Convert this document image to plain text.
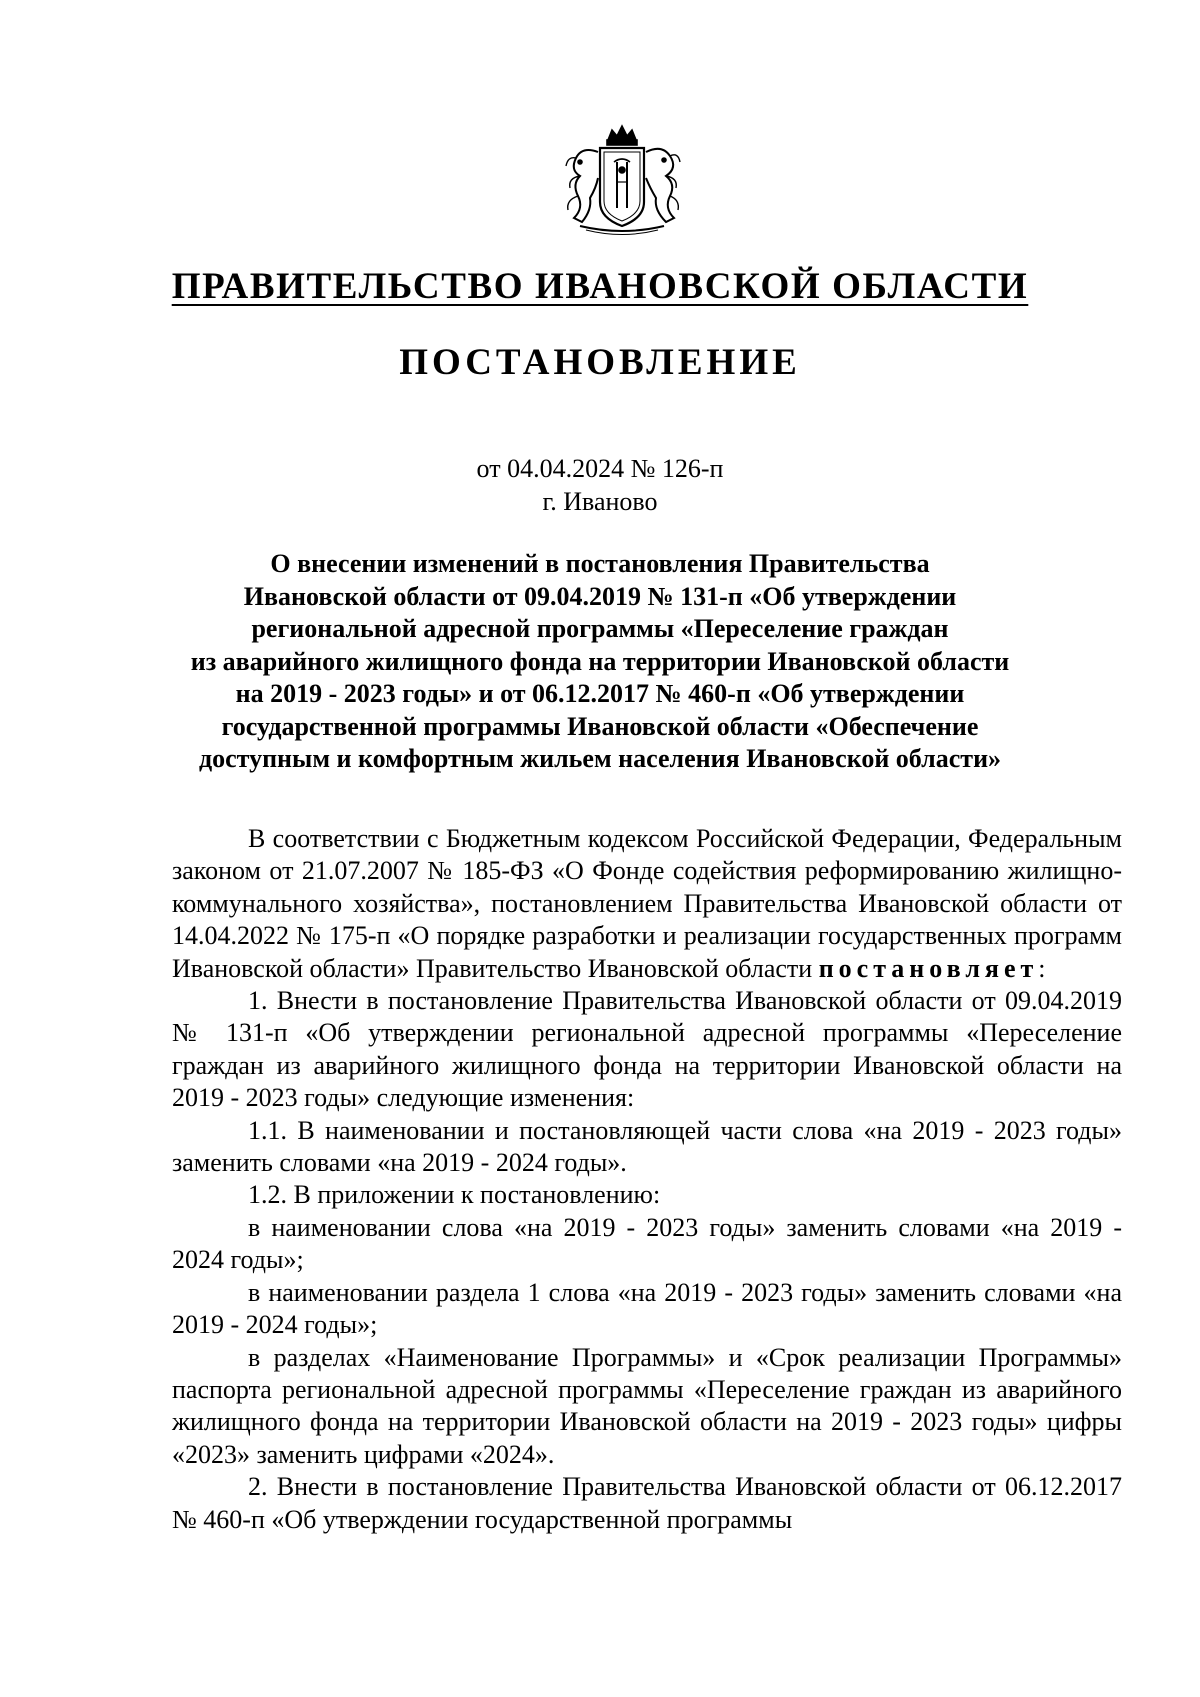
ПРАВИТЕЛЬСТВО ИВАНОВСКОЙ ОБЛАСТИ
ПОСТАНОВЛЕНИЕ
от 04.04.2024 № 126-п
г. Иваново
О внесении изменений в постановления Правительства
Ивановской области от 09.04.2019 № 131-п «Об утверждении
региональной адресной программы «Переселение граждан
из аварийного жилищного фонда на территории Ивановской области
на 2019 - 2023 годы» и от 06.12.2017 № 460-п «Об утверждении
государственной программы Ивановской области «Обеспечение
доступным и комфортным жильем населения Ивановской области»

В соответствии с Бюджетным кодексом Российской Федерации, Федеральным законом от 21.07.2007 № 185-ФЗ «О Фонде содействия реформированию жилищно-коммунального хозяйства», постановлением Правительства Ивановской области от 14.04.2022 № 175-п «О порядке разработки и реализации государственных программ Ивановской области» Правительство Ивановской области постановляет:

1. Внести в постановление Правительства Ивановской области от 09.04.2019 № 131-п «Об утверждении региональной адресной программы «Переселение граждан из аварийного жилищного фонда на территории Ивановской области на 2019 - 2023 годы» следующие изменения:

1.1. В наименовании и постановляющей части слова «на 2019 - 2023 годы» заменить словами «на 2019 - 2024 годы».

1.2. В приложении к постановлению:

в наименовании слова «на 2019 - 2023 годы» заменить словами «на 2019 - 2024 годы»;

в наименовании раздела 1 слова «на 2019 - 2023 годы» заменить словами «на 2019 - 2024 годы»;

в разделах «Наименование Программы» и «Срок реализации Программы» паспорта региональной адресной программы «Переселение граждан из аварийного жилищного фонда на территории Ивановской области на 2019 - 2023 годы» цифры «2023» заменить цифрами «2024».

2. Внести в постановление Правительства Ивановской области от 06.12.2017 № 460-п «Об утверждении государственной программы
